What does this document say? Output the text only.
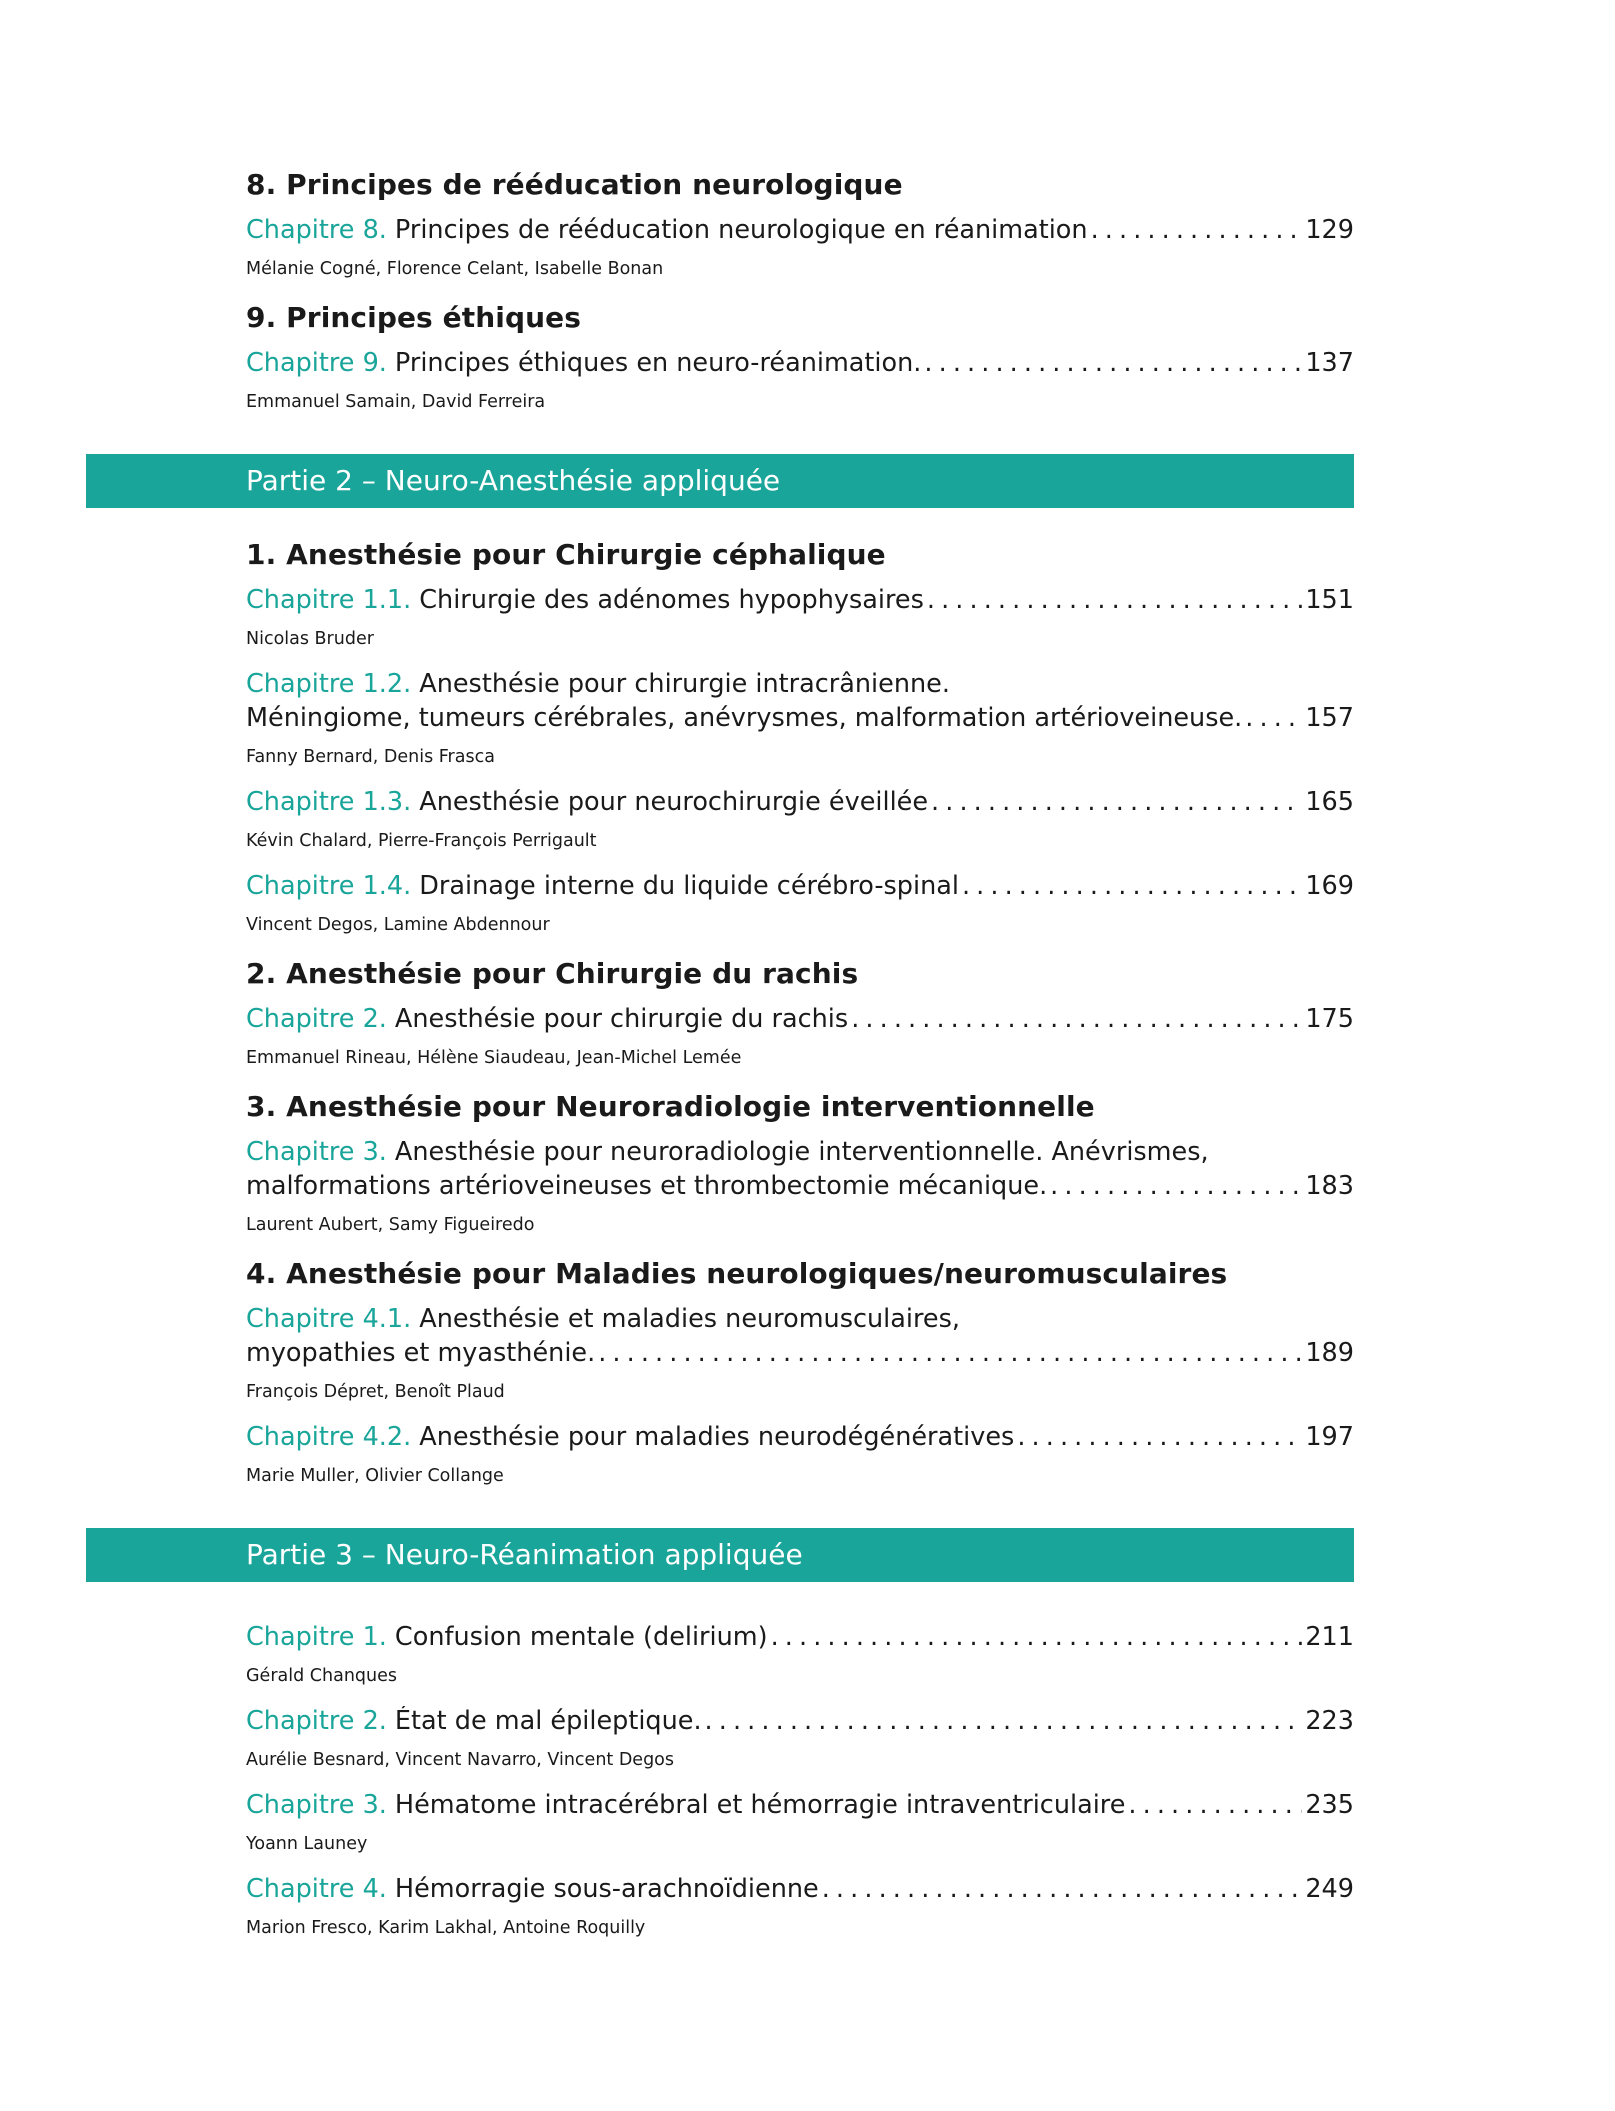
8. Principes de rééducation neurologique
Chapitre 8. Principes de rééducation neurologique en réanimation . . .	129
Mélanie Cogné, Florence Celant, Isabelle Bonan
9. Principes éthiques
Chapitre 9. Principes éthiques en neuro-réanimation. . . .	137
Emmanuel Samain, David Ferreira
Partie 2 – Neuro-Anesthésie appliquée
1. Anesthésie pour Chirurgie céphalique
Chapitre 1.1. Chirurgie des adénomes hypophysaires . . .	151
Nicolas Bruder
Chapitre 1.2. Anesthésie pour chirurgie intracrânienne.
Méningiome, tumeurs cérébrales, anévrysmes, malformation artérioveineuse. . . . 157
Fanny Bernard, Denis Frasca
Chapitre 1.3. Anesthésie pour neurochirurgie éveillée . . .	165
Kévin Chalard, Pierre-François Perrigault
Chapitre 1.4. Drainage interne du liquide cérébro-spinal . . .	169
Vincent Degos, Lamine Abdennour
2. Anesthésie pour Chirurgie du rachis
Chapitre 2. Anesthésie pour chirurgie du rachis . . .	175
Emmanuel Rineau, Hélène Siaudeau, Jean-Michel Lemée
3. Anesthésie pour Neuroradiologie interventionnelle
Chapitre 3. Anesthésie pour neuroradiologie interventionnelle. Anévrismes,
malformations artérioveineuses et thrombectomie mécanique. . . .	183
Laurent Aubert, Samy Figueiredo
4. Anesthésie pour Maladies neurologiques/neuromusculaires
Chapitre 4.1. Anesthésie et maladies neuromusculaires,
myopathies et myasthénie. . . .	189
François Dépret, Benoît Plaud
Chapitre 4.2. Anesthésie pour maladies neurodégénératives . . .	197
Marie Muller, Olivier Collange
Partie 3 – Neuro-Réanimation appliquée
Chapitre 1. Confusion mentale (delirium) . . .	211
Gérald Chanques
Chapitre 2. État de mal épileptique. . . .	223
Aurélie Besnard, Vincent Navarro, Vincent Degos
Chapitre 3. Hématome intracérébral et hémorragie intraventriculaire . . .	235
Yoann Launey
Chapitre 4. Hémorragie sous-arachnoïdienne . . .	249
Marion Fresco, Karim Lakhal, Antoine Roquilly
